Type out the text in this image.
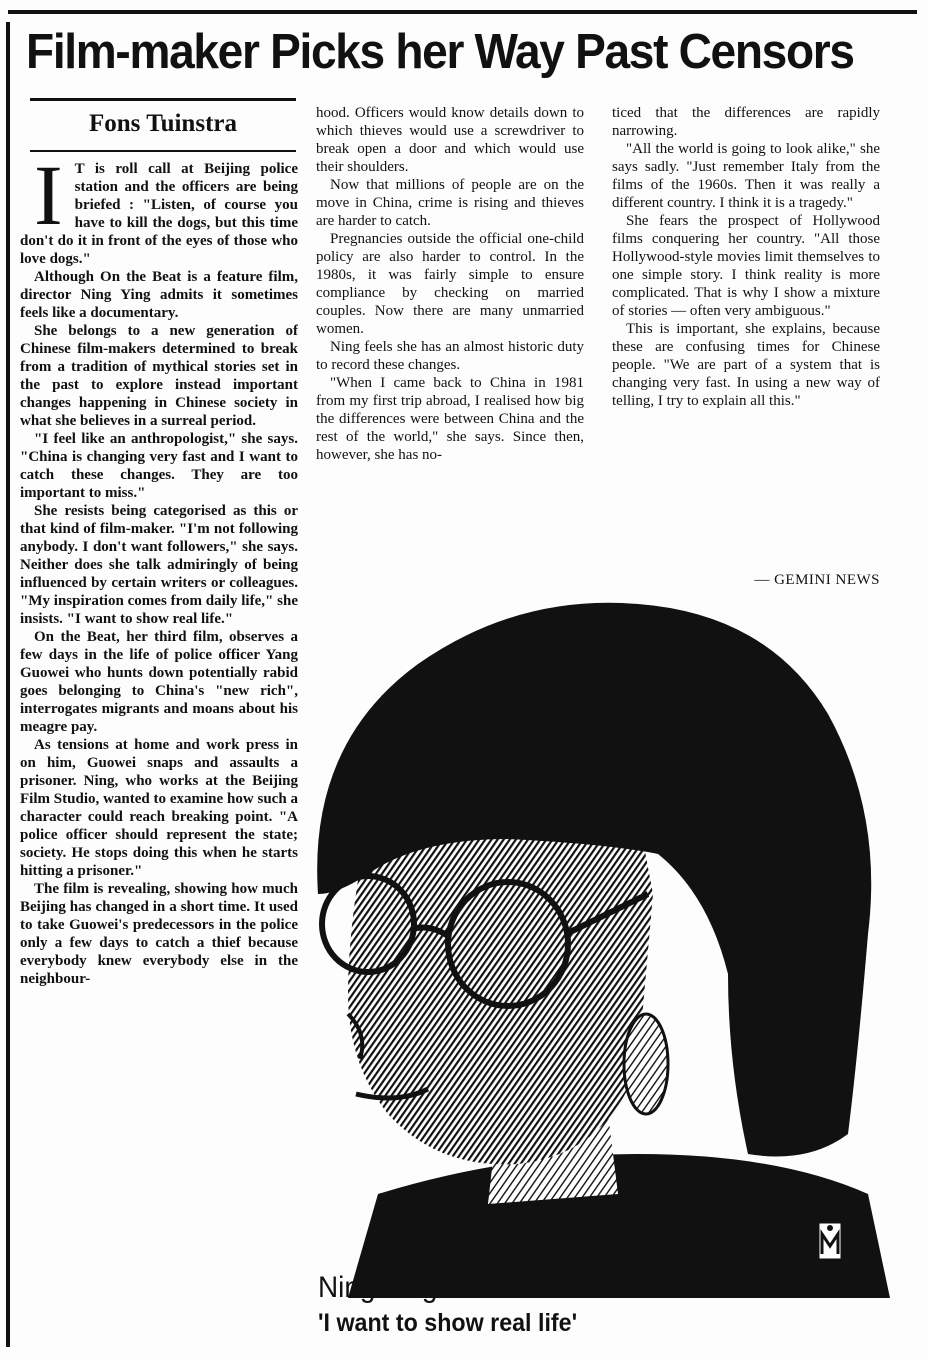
Film-maker Picks her Way Past Censors
Fons Tuinstra

I T is roll call at Beijing police station and the officers are being briefed : "Listen, of course you have to kill the dogs, but this time don't do it in front of the eyes of those who love dogs."

Although On the Beat is a feature film, director Ning Ying admits it sometimes feels like a documentary.

She belongs to a new generation of Chinese film-makers determined to break from a tradition of mythical stories set in the past to explore instead important changes happening in Chinese society in what she believes in a surreal period.

"I feel like an anthropologist," she says. "China is changing very fast and I want to catch these changes. They are too important to miss."

She resists being categorised as this or that kind of film-maker. "I'm not following anybody. I don't want followers," she says. Neither does she talk admiringly of being influenced by certain writers or colleagues. "My inspiration comes from daily life," she insists. "I want to show real life."

On the Beat, her third film, observes a few days in the life of police officer Yang Guowei who hunts down potentially rabid goes belonging to China's "new rich", interrogates migrants and moans about his meagre pay.

As tensions at home and work press in on him, Guowei snaps and assaults a prisoner. Ning, who works at the Beijing Film Studio, wanted to examine how such a character could reach breaking point. "A police officer should represent the state; society. He stops doing this when he starts hitting a prisoner."

The film is revealing, showing how much Beijing has changed in a short time. It used to take Guowei's predecessors in the police only a few days to catch a thief because everybody knew everybody else in the neighbour-

hood. Officers would know details down to which thieves would use a screwdriver to break open a door and which would use their shoulders.

Now that millions of people are on the move in China, crime is rising and thieves are harder to catch.

Pregnancies outside the official one-child policy are also harder to control. In the 1980s, it was fairly simple to ensure compliance by checking on married couples. Now there are many unmarried women.

Ning feels she has an almost historic duty to record these changes.

"When I came back to China in 1981 from my first trip abroad, I realised how big the differences were between China and the rest of the world," she says. Since then, however, she has no-

ticed that the differences are rapidly narrowing.

"All the world is going to look alike," she says sadly. "Just remember Italy from the films of the 1960s. Then it was really a different country. I think it is a tragedy."

She fears the prospect of Hollywood films conquering her country. "All those Hollywood-style movies limit themselves to one simple story. I think reality is more complicated. That is why I show a mixture of stories — often very ambiguous."

This is important, she explains, because these are confusing times for Chinese people. "We are part of a system that is changing very fast. In using a new way of telling, I try to explain all this."

— GEMINI NEWS
Ning Ying:
'I want to show real life'
